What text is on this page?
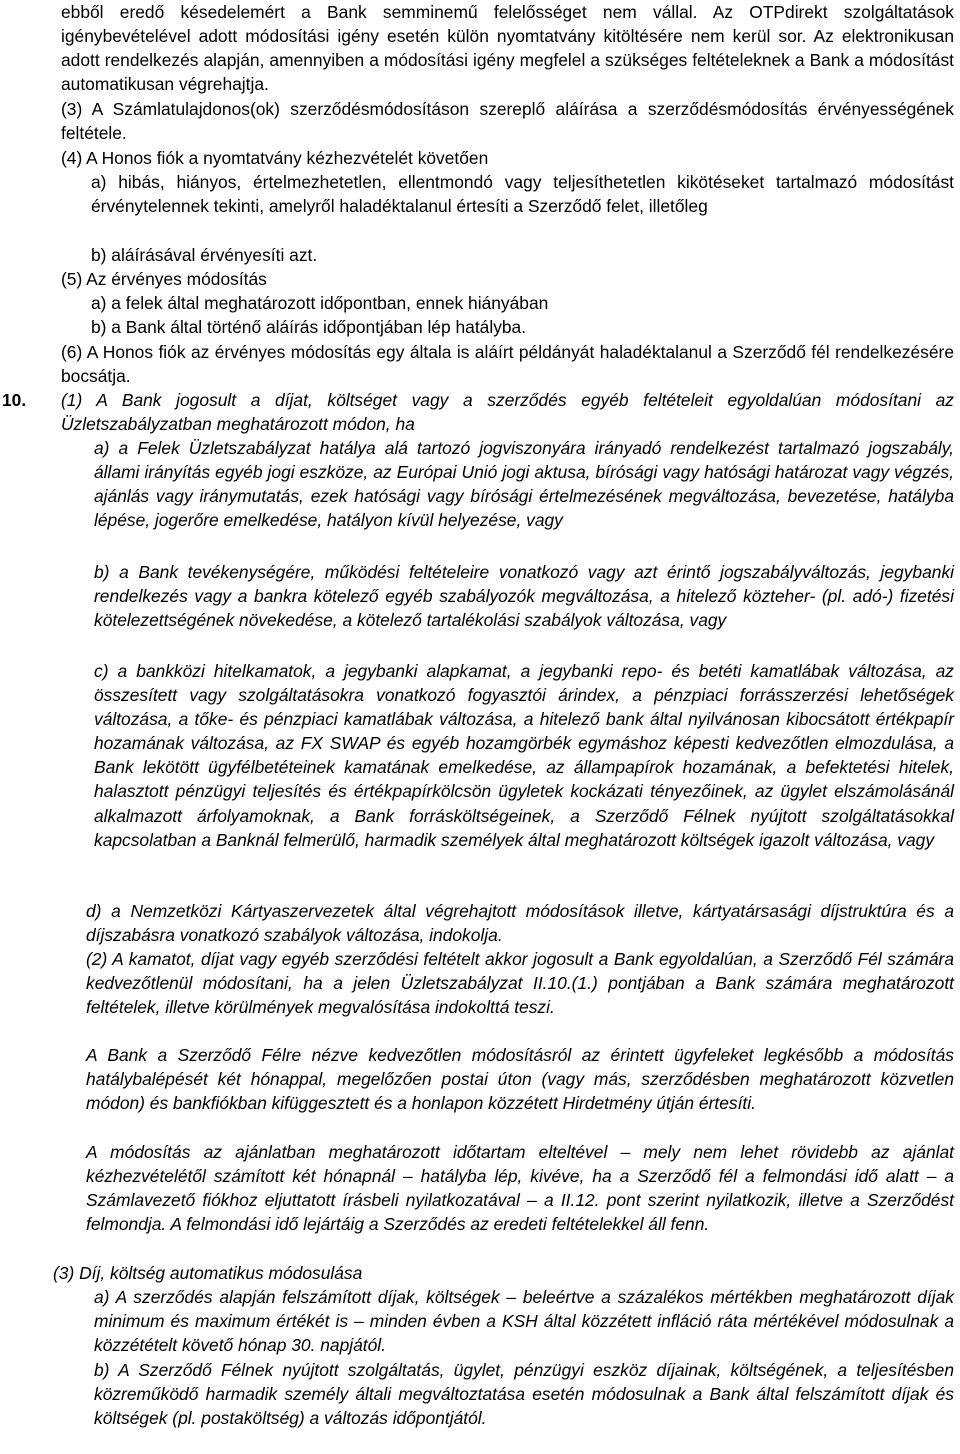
ebből eredő késedelemért a Bank semminemű felelősséget nem vállal. Az OTPdirekt szolgáltatások igénybevételével adott módosítási igény esetén külön nyomtatvány kitöltésére nem kerül sor. Az elektronikusan adott rendelkezés alapján, amennyiben a módosítási igény megfelel a szükséges feltételeknek a Bank a módosítást automatikusan végrehajtja.

(3) A Számlatulajdonos(ok) szerződésmódosításon szereplő aláírása a szerződésmódosítás érvényességének feltétele.

(4) A Honos fiók a nyomtatvány kézhezvételét követően

a) hibás, hiányos, értelmezhetetlen, ellentmondó vagy teljesíthetetlen kikötéseket tartalmazó módosítást érvénytelennek tekinti, amelyről haladéktalanul értesíti a Szerződő felet, illetőleg

b) aláírásával érvényesíti azt.

(5) Az érvényes módosítás

a) a felek által meghatározott időpontban, ennek hiányában

b) a Bank által történő aláírás időpontjában lép hatályba.

(6) A Honos fiók az érvényes módosítás egy általa is aláírt példányát haladéktalanul a Szerződő fél rendelkezésére bocsátja.

10. (1) A Bank jogosult a díjat, költséget vagy a szerződés egyéb feltételeit egyoldalúan módosítani az Üzletszabályzatban meghatározott módon, ha

a) a Felek Üzletszabályzat hatálya alá tartozó jogviszonyára irányadó rendelkezést tartalmazó jogszabály, állami irányítás egyéb jogi eszköze, az Európai Unió jogi aktusa, bírósági vagy hatósági határozat vagy végzés, ajánlás vagy iránymutatás, ezek hatósági vagy bírósági értelmezésének megváltozása, bevezetése, hatályba lépése, jogerőre emelkedése, hatályon kívül helyezése, vagy

b) a Bank tevékenységére, működési feltételeire vonatkozó vagy azt érintő jogszabályváltozás, jegybanki rendelkezés vagy a bankra kötelező egyéb szabályozók megváltozása, a hitelező közteher- (pl. adó-) fizetési kötelezettségének növekedése, a kötelező tartalékolási szabályok változása, vagy

c) a bankközi hitelkamatok, a jegybanki alapkamat, a jegybanki repo- és betéti kamatlábak változása, az összesített vagy szolgáltatásokra vonatkozó fogyasztói árindex, a pénzpiaci forrásszerzési lehetőségek változása, a tőke- és pénzpiaci kamatlábak változása, a hitelező bank által nyilvánosan kibocsátott értékpapír hozamának változása, az FX SWAP és egyéb hozamgörbék egymáshoz képesti kedvezőtlen elmozdulása, a Bank lekötött ügyfélbetéteinek kamatának emelkedése, az állampapírok hozamának, a befektetési hitelek, halasztott pénzügyi teljesítés és értékpapírkölcsön ügyletek kockázati tényezőinek, az ügylet elszámolásánál alkalmazott árfolyamoknak, a Bank forrásköltségeinek, a Szerződő Félnek nyújtott szolgáltatásokkal kapcsolatban a Banknál felmerülő, harmadik személyek által meghatározott költségek igazolt változása, vagy

d) a Nemzetközi Kártyaszervezetek által végrehajtott módosítások illetve, kártyatársasági díjstruktúra és a díjszabásra vonatkozó szabályok változása, indokolja.

(2) A kamatot, díjat vagy egyéb szerződési feltételt akkor jogosult a Bank egyoldalúan, a Szerződő Fél számára kedvezőtlenül módosítani, ha a jelen Üzletszabályzat II.10.(1.) pontjában a Bank számára meghatározott feltételek, illetve körülmények megvalósítása indokolttá teszi.

A Bank a Szerződő Félre nézve kedvezőtlen módosításról az érintett ügyfeleket legkésőbb a módosítás hatálybalépését két hónappal, megelőzően postai úton (vagy más, szerződésben meghatározott közvetlen módon) és bankfiókban kifüggesztett és a honlapon közzétett Hirdetmény útján értesíti.

A módosítás az ajánlatban meghatározott időtartam elteltével – mely nem lehet rövidebb az ajánlat kézhezvételétől számított két hónapnál – hatályba lép, kivéve, ha a Szerződő fél a felmondási idő alatt – a Számlavezető fiókhoz eljuttatott írásbeli nyilatkozatával – a II.12. pont szerint nyilatkozik, illetve a Szerződést felmondja. A felmondási idő lejártáig a Szerződés az eredeti feltételekkel áll fenn.

(3) Díj, költség automatikus módosulása

a) A szerződés alapján felszámított díjak, költségek – beleértve a százalékos mértékben meghatározott díjak minimum és maximum értékét is – minden évben a KSH által közzétett infláció ráta mértékével módosulnak a közzétételt követő hónap 30. napjától.

b) A Szerződő Félnek nyújtott szolgáltatás, ügylet, pénzügyi eszköz díjainak, költségének, a teljesítésben közreműködő harmadik személy általi megváltoztatása esetén módosulnak a Bank által felszámított díjak és költségek (pl. postaköltség) a változás időpontjától.
